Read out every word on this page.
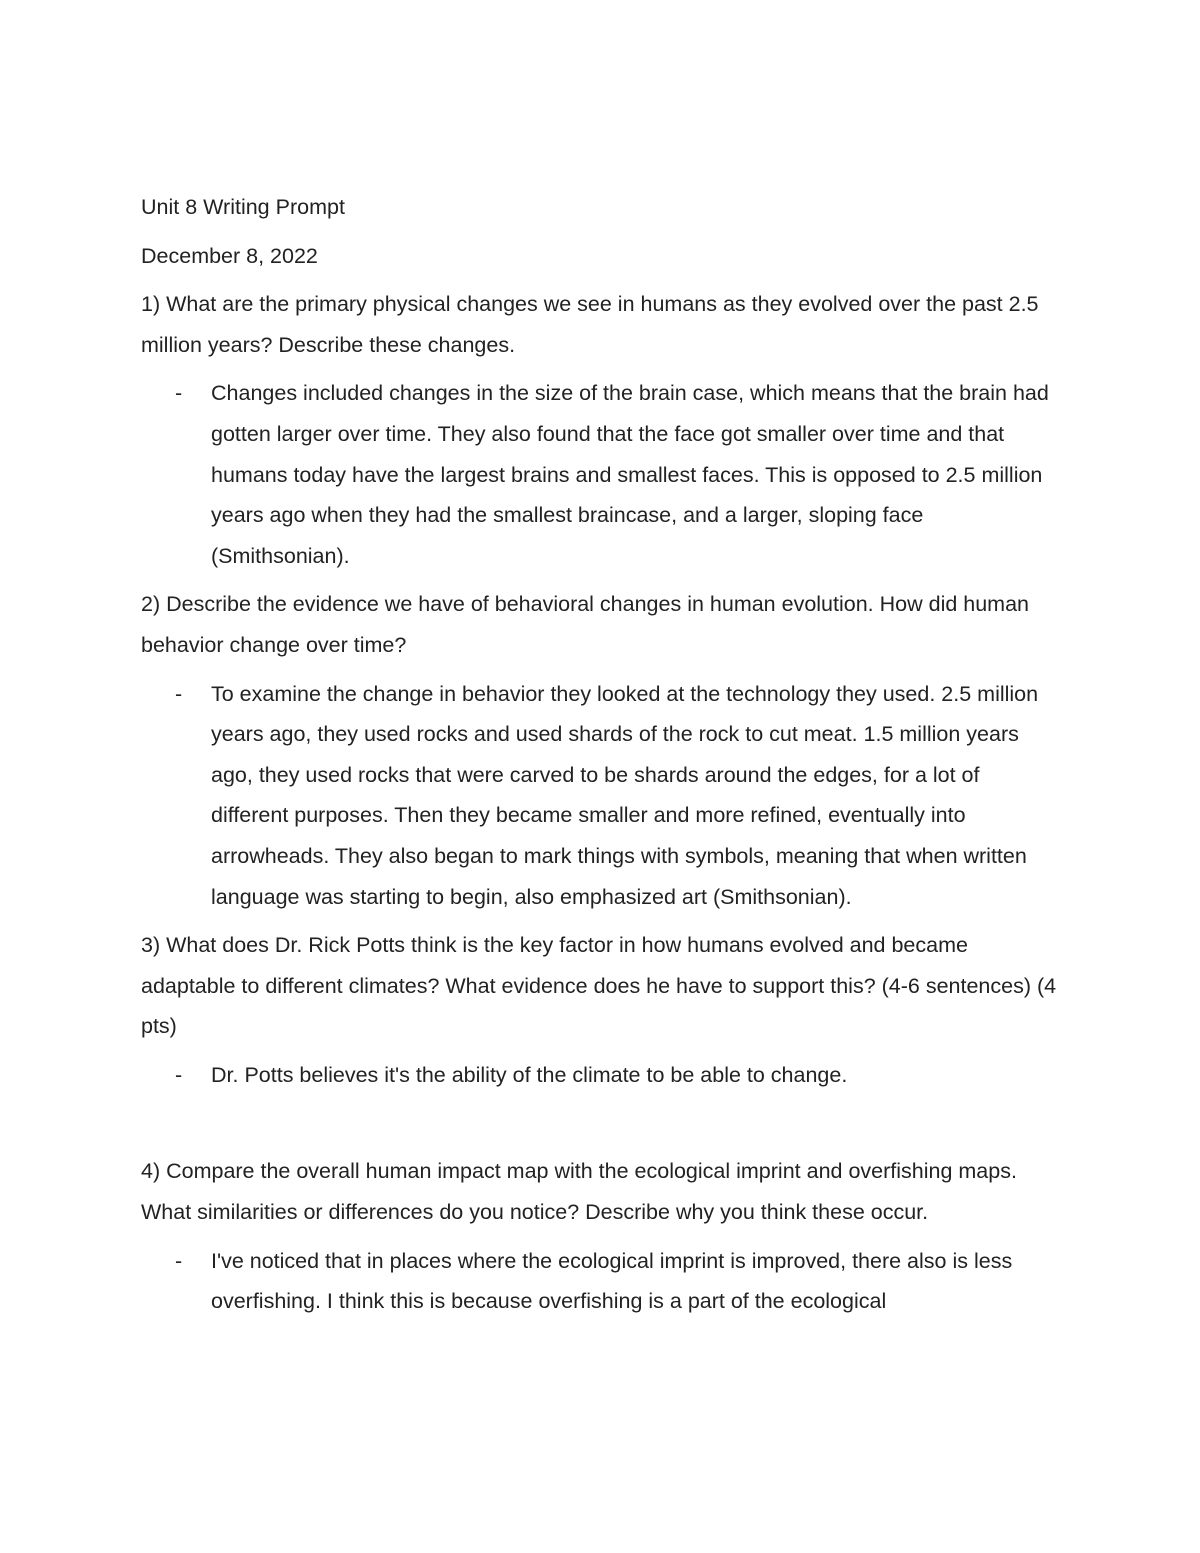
Unit 8 Writing Prompt
December 8, 2022
1) What are the primary physical changes we see in humans as they evolved over the past 2.5 million years? Describe these changes.
- Changes included changes in the size of the brain case, which means that the brain had gotten larger over time. They also found that the face got smaller over time and that humans today have the largest brains and smallest faces. This is opposed to 2.5 million years ago when they had the smallest braincase, and a larger, sloping face (Smithsonian).
2) Describe the evidence we have of behavioral changes in human evolution. How did human behavior change over time?
- To examine the change in behavior they looked at the technology they used. 2.5 million years ago, they used rocks and used shards of the rock to cut meat. 1.5 million years ago, they used rocks that were carved to be shards around the edges, for a lot of different purposes. Then they became smaller and more refined, eventually into arrowheads. They also began to mark things with symbols, meaning that when written language was starting to begin, also emphasized art (Smithsonian).
3) What does Dr. Rick Potts think is the key factor in how humans evolved and became adaptable to different climates? What evidence does he have to support this? (4-6 sentences) (4 pts)
- Dr. Potts believes it's the ability of the climate to be able to change.
4) Compare the overall human impact map with the ecological imprint and overfishing maps. What similarities or differences do you notice? Describe why you think these occur.
- I've noticed that in places where the ecological imprint is improved, there also is less overfishing. I think this is because overfishing is a part of the ecological
